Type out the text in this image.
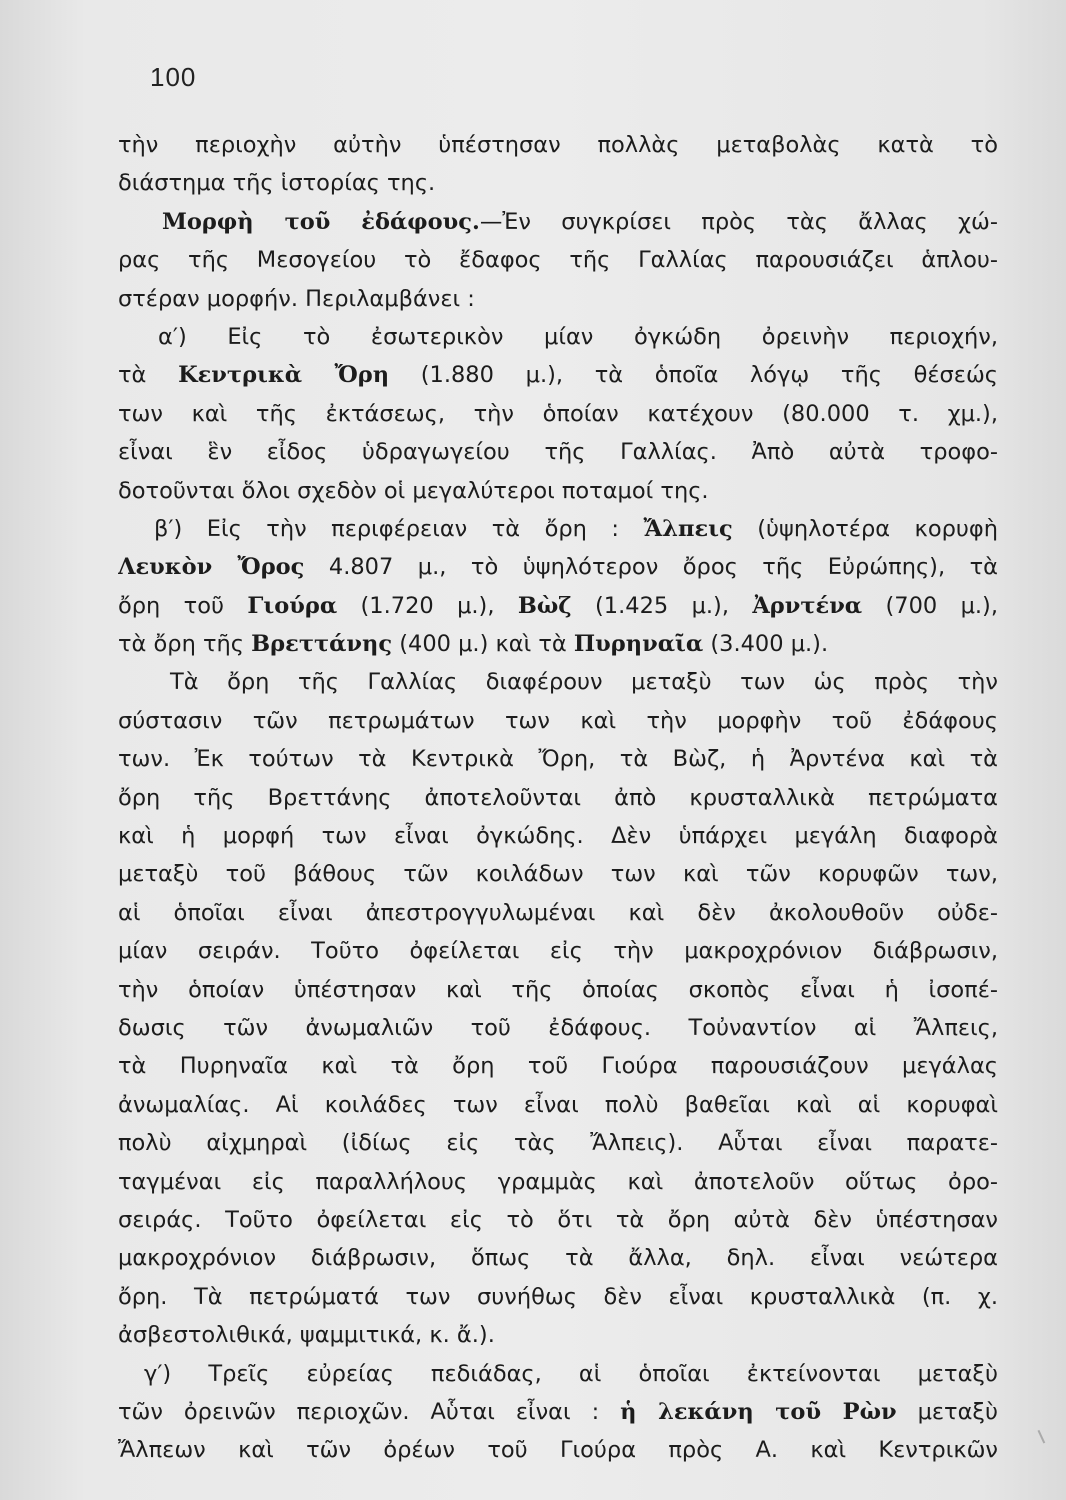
100
τὴν περιοχὴν αὐτὴν ὑπέστησαν πολλὰς μεταβολὰς κατὰ τὸ
διάστημα τῆς ἱστορίας της.
Μορφὴ τοῦ ἐδάφους.—Ἐν συγκρίσει πρὸς τὰς ἄλλας χώ-
ρας τῆς Μεσογείου τὸ ἔδαφος τῆς Γαλλίας παρουσιάζει ἁπλου-
στέραν μορφήν. Περιλαμβάνει :
α′) Εἰς τὸ ἐσωτερικὸν μίαν ὀγκώδη ὀρεινὴν περιοχήν,
τὰ Κεντρικὰ Ὄρη (1.880 μ.), τὰ ὁποῖα λόγῳ τῆς θέσεώς
των καὶ τῆς ἐκτάσεως, τὴν ὁποίαν κατέχουν (80.000 τ. χμ.),
εἶναι ἓν εἶδος ὑδραγωγείου τῆς Γαλλίας. Ἀπὸ αὐτὰ τροφο-
δοτοῦνται ὅλοι σχεδὸν οἱ μεγαλύτεροι ποταμοί της.
β′) Εἰς τὴν περιφέρειαν τὰ ὄρη : Ἄλπεις (ὑψηλοτέρα κορυφὴ
Λευκὸν Ὄρος 4.807 μ., τὸ ὑψηλότερον ὄρος τῆς Εὐρώπης), τὰ
ὄρη τοῦ Γιούρα (1.720 μ.), Βὼζ (1.425 μ.), Ἀρντένα (700 μ.),
τὰ ὄρη τῆς Βρεττάνης (400 μ.) καὶ τὰ Πυρηναῖα (3.400 μ.).
Τὰ ὄρη τῆς Γαλλίας διαφέρουν μεταξὺ των ὡς πρὸς τὴν
σύστασιν τῶν πετρωμάτων των καὶ τὴν μορφὴν τοῦ ἐδάφους
των. Ἐκ τούτων τὰ Κεντρικὰ Ὄρη, τὰ Βὼζ, ἡ Ἀρντένα καὶ τὰ
ὄρη τῆς Βρεττάνης ἀποτελοῦνται ἀπὸ κρυσταλλικὰ πετρώματα
καὶ ἡ μορφή των εἶναι ὀγκώδης. Δὲν ὑπάρχει μεγάλη διαφορὰ
μεταξὺ τοῦ βάθους τῶν κοιλάδων των καὶ τῶν κορυφῶν των,
αἱ ὁποῖαι εἶναι ἀπεστρογγυλωμέναι καὶ δὲν ἀκολουθοῦν οὐδε-
μίαν σειράν. Τοῦτο ὀφείλεται εἰς τὴν μακροχρόνιον διάβρωσιν,
τὴν ὁποίαν ὑπέστησαν καὶ τῆς ὁποίας σκοπὸς εἶναι ἡ ἰσοπέ-
δωσις τῶν ἀνωμαλιῶν τοῦ ἐδάφους. Τοὐναντίον αἱ Ἄλπεις,
τὰ Πυρηναῖα καὶ τὰ ὄρη τοῦ Γιούρα παρουσιάζουν μεγάλας
ἀνωμαλίας. Αἱ κοιλάδες των εἶναι πολὺ βαθεῖαι καὶ αἱ κορυφαὶ
πολὺ αἰχμηραὶ (ἰδίως εἰς τὰς Ἄλπεις). Αὗται εἶναι παρατε-
ταγμέναι εἰς παραλλήλους γραμμὰς καὶ ἀποτελοῦν οὕτως ὀρο-
σειράς. Τοῦτο ὀφείλεται εἰς τὸ ὅτι τὰ ὄρη αὐτὰ δὲν ὑπέστησαν
μακροχρόνιον διάβρωσιν, ὅπως τὰ ἄλλα, δηλ. εἶναι νεώτερα
ὄρη. Τὰ πετρώματά των συνήθως δὲν εἶναι κρυσταλλικὰ (π. χ.
ἀσβεστολιθικά, ψαμμιτικά, κ. ἄ.).
γ′) Τρεῖς εὐρείας πεδιάδας, αἱ ὁποῖαι ἐκτείνονται μεταξὺ
τῶν ὀρεινῶν περιοχῶν. Αὗται εἶναι : ἡ λεκάνη τοῦ Ρὼν μεταξὺ
Ἄλπεων καὶ τῶν ὀρέων τοῦ Γιούρα πρὸς Α. καὶ Κεντρικῶν
